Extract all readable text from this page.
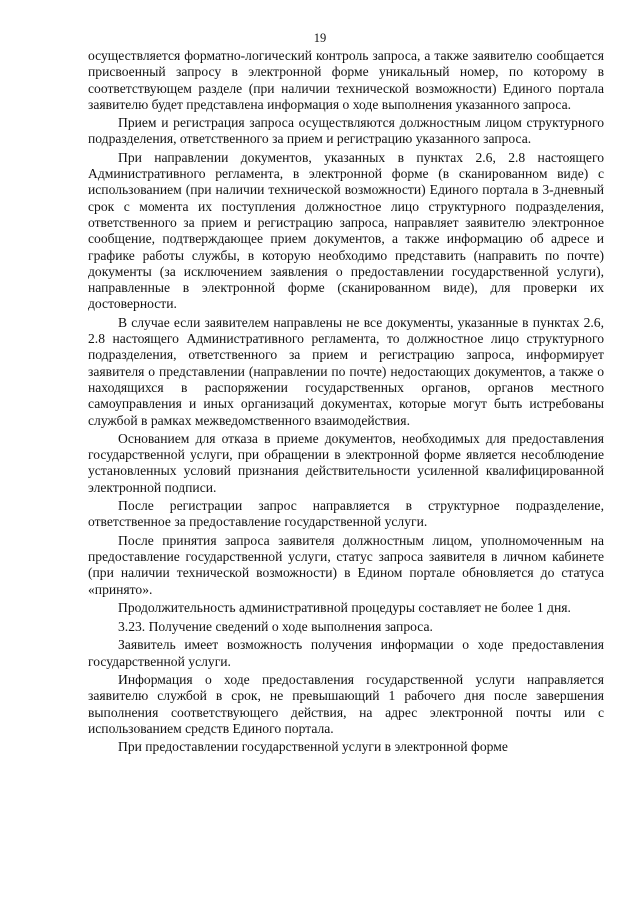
19

осуществляется форматно-логический контроль запроса, а также заявителю сообщается присвоенный запросу в электронной форме уникальный номер, по которому в соответствующем разделе (при наличии технической возможности) Единого портала заявителю будет представлена информация о ходе выполнения указанного запроса.

Прием и регистрация запроса осуществляются должностным лицом структурного подразделения, ответственного за прием и регистрацию указанного запроса.

При направлении документов, указанных в пунктах 2.6, 2.8 настоящего Административного регламента, в электронной форме (в сканированном виде) с использованием (при наличии технической возможности) Единого портала в 3-дневный срок с момента их поступления должностное лицо структурного подразделения, ответственного за прием и регистрацию запроса, направляет заявителю электронное сообщение, подтверждающее прием документов, а также информацию об адресе и графике работы службы, в которую необходимо представить (направить по почте) документы (за исключением заявления о предоставлении государственной услуги), направленные в электронной форме (сканированном виде), для проверки их достоверности.

В случае если заявителем направлены не все документы, указанные в пунктах 2.6, 2.8 настоящего Административного регламента, то должностное лицо структурного подразделения, ответственного за прием и регистрацию запроса, информирует заявителя о представлении (направлении по почте) недостающих документов, а также о находящихся в распоряжении государственных органов, органов местного самоуправления и иных организаций документах, которые могут быть истребованы службой в рамках межведомственного взаимодействия.

Основанием для отказа в приеме документов, необходимых для предоставления государственной услуги, при обращении в электронной форме является несоблюдение установленных условий признания действительности усиленной квалифицированной электронной подписи.

После регистрации запрос направляется в структурное подразделение, ответственное за предоставление государственной услуги.

После принятия запроса заявителя должностным лицом, уполномоченным на предоставление государственной услуги, статус запроса заявителя в личном кабинете (при наличии технической возможности) в Едином портале обновляется до статуса «принято».

Продолжительность административной процедуры составляет не более 1 дня.

3.23. Получение сведений о ходе выполнения запроса.

Заявитель имеет возможность получения информации о ходе предоставления государственной услуги.

Информация о ходе предоставления государственной услуги направляется заявителю службой в срок, не превышающий 1 рабочего дня после завершения выполнения соответствующего действия, на адрес электронной почты или с использованием средств Единого портала.

При предоставлении государственной услуги в электронной форме
